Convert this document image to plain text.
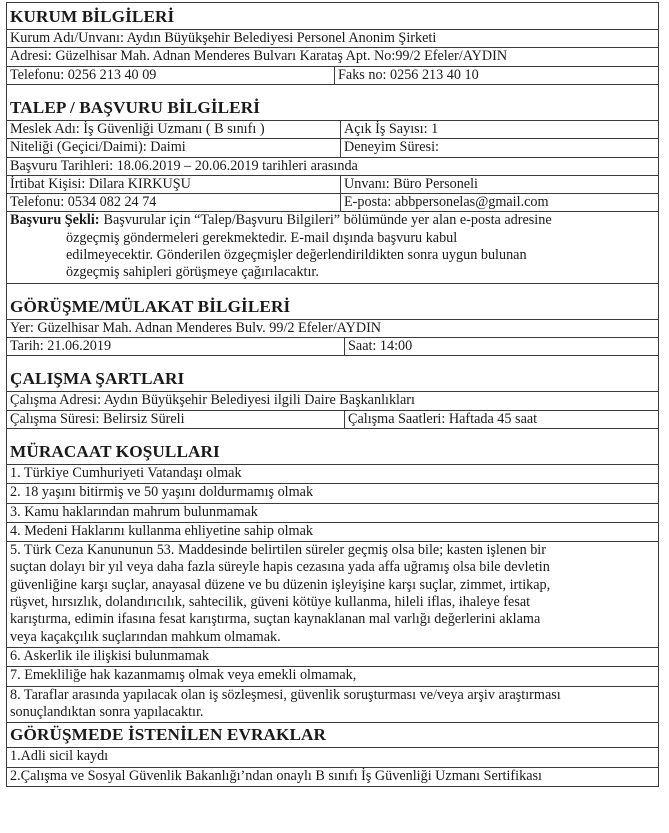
KURUM BİLGİLERİ
Kurum Adı/Unvanı: Aydın Büyükşehir Belediyesi Personel Anonim Şirketi
Adresi: Güzelhisar Mah. Adnan Menderes Bulvarı Karataş Apt. No:99/2 Efeler/AYDIN
Telefonu: 0256 213 40 09	Faks no: 0256 213 40 10
TALEP / BAŞVURU BİLGİLERİ
Meslek Adı: İş Güvenliği Uzmanı ( B sınıfı )	Açık İş Sayısı: 1
Niteliği (Geçici/Daimi): Daimi	Deneyim Süresi:
Başvuru Tarihleri: 18.06.2019 – 20.06.2019 tarihleri arasında
İrtibat Kişisi: Dilara KIRKUŞU	Unvanı: Büro Personeli
Telefonu: 0534 082 24 74	E-posta: abbpersonelas@gmail.com
Başvuru Şekli: Başvurular için “Talep/Başvuru Bilgileri” bölümünde yer alan e-posta adresine
özgeçmiş göndermeleri gerekmektedir. E-mail dışında başvuru kabul
edilmeyecektir. Gönderilen özgeçmişler değerlendirildikten sonra uygun bulunan
özgeçmiş sahipleri görüşmeye çağırılacaktır.
GÖRÜŞME/MÜLAKAT BİLGİLERİ
Yer: Güzelhisar Mah. Adnan Menderes Bulv. 99/2 Efeler/AYDIN
Tarih: 21.06.2019	Saat: 14:00
ÇALIŞMA ŞARTLARI
Çalışma Adresi: Aydın Büyükşehir Belediyesi ilgili Daire Başkanlıkları
Çalışma Süresi: Belirsiz Süreli	Çalışma Saatleri: Haftada 45 saat
MÜRACAAT KOŞULLARI
1. Türkiye Cumhuriyeti Vatandaşı olmak
2. 18 yaşını bitirmiş ve 50 yaşını doldurmamış olmak
3. Kamu haklarından mahrum bulunmamak
4. Medeni Haklarını kullanma ehliyetine sahip olmak
5. Türk Ceza Kanununun 53. Maddesinde belirtilen süreler geçmiş olsa bile; kasten işlenen bir
suçtan dolayı bir yıl veya daha fazla süreyle hapis cezasına yada affa uğramış olsa bile devletin
güvenliğine karşı suçlar, anayasal düzene ve bu düzenin işleyişine karşı suçlar, zimmet, irtikap,
rüşvet, hırsızlık, dolandırıcılık, sahtecilik, güveni kötüye kullanma, hileli iflas, ihaleye fesat
karıştırma, edimin ifasına fesat karıştırma, suçtan kaynaklanan mal varlığı değerlerini aklama
veya kaçakçılık suçlarından mahkum olmamak.
6. Askerlik ile ilişkisi bulunmamak
7. Emekliliğe hak kazanmamış olmak veya emekli olmamak,
8. Taraflar arasında yapılacak olan iş sözleşmesi, güvenlik soruşturması ve/veya arşiv araştırması
sonuçlandıktan sonra yapılacaktır.
GÖRÜŞMEDE İSTENİLEN EVRAKLAR
1.Adli sicil kaydı
2.Çalışma ve Sosyal Güvenlik Bakanlığı’ndan onaylı B sınıfı İş Güvenliği Uzmanı Sertifikası
